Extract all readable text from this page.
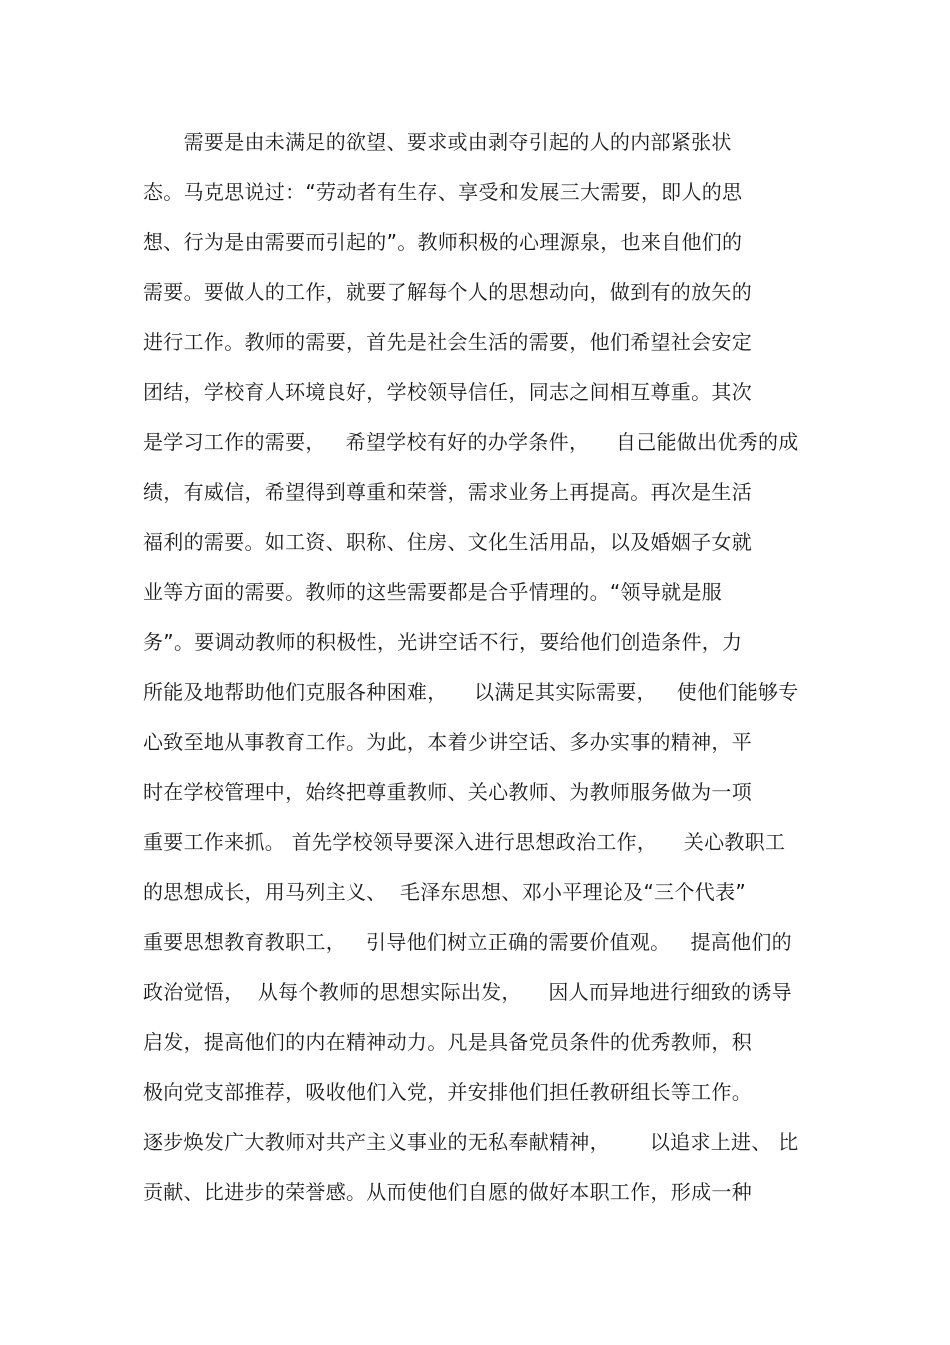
　　需要是由未满足的欲望、要求或由剥夺引起的人的内部紧张状
态。马克思说过：“劳动者有生存、享受和发展三大需要，即人的思
想、行为是由需要而引起的”。教师积极的心理源泉，也来自他们的
需要。要做人的工作，就要了解每个人的思想动向，做到有的放矢的
进行工作。教师的需要，首先是社会生活的需要，他们希望社会安定
团结，学校育人环境良好，学校领导信任，同志之间相互尊重。其次
是学习工作的需要，   希望学校有好的办学条件，    自己能做出优秀的成
绩，有威信，希望得到尊重和荣誉，需求业务上再提高。再次是生活
福利的需要。如工资、职称、住房、文化生活用品，以及婚姻子女就
业等方面的需要。教师的这些需要都是合乎情理的。“领导就是服
务”。要调动教师的积极性，光讲空话不行，要给他们创造条件，力
所能及地帮助他们克服各种困难，    以满足其实际需要，   使他们能够专
心致至地从事教育工作。为此，本着少讲空话、多办实事的精神，平
时在学校管理中，始终把尊重教师、关心教师、为教师服务做为一项
重要工作来抓。 首先学校领导要深入进行思想政治工作，    关心教职工
的思想成长，用马列主义、  毛泽东思想、邓小平理论及“三个代表”
重要思想教育教职工，   引导他们树立正确的需要价值观。   提高他们的
政治觉悟，  从每个教师的思想实际出发，    因人而异地进行细致的诱导
启发，提高他们的内在精神动力。凡是具备党员条件的优秀教师，积
极向党支部推荐，吸收他们入党，并安排他们担任教研组长等工作。
逐步焕发广大教师对共产主义事业的无私奉献精神，      以追求上进、 比
贡献、比进步的荣誉感。从而使他们自愿的做好本职工作，形成一种
